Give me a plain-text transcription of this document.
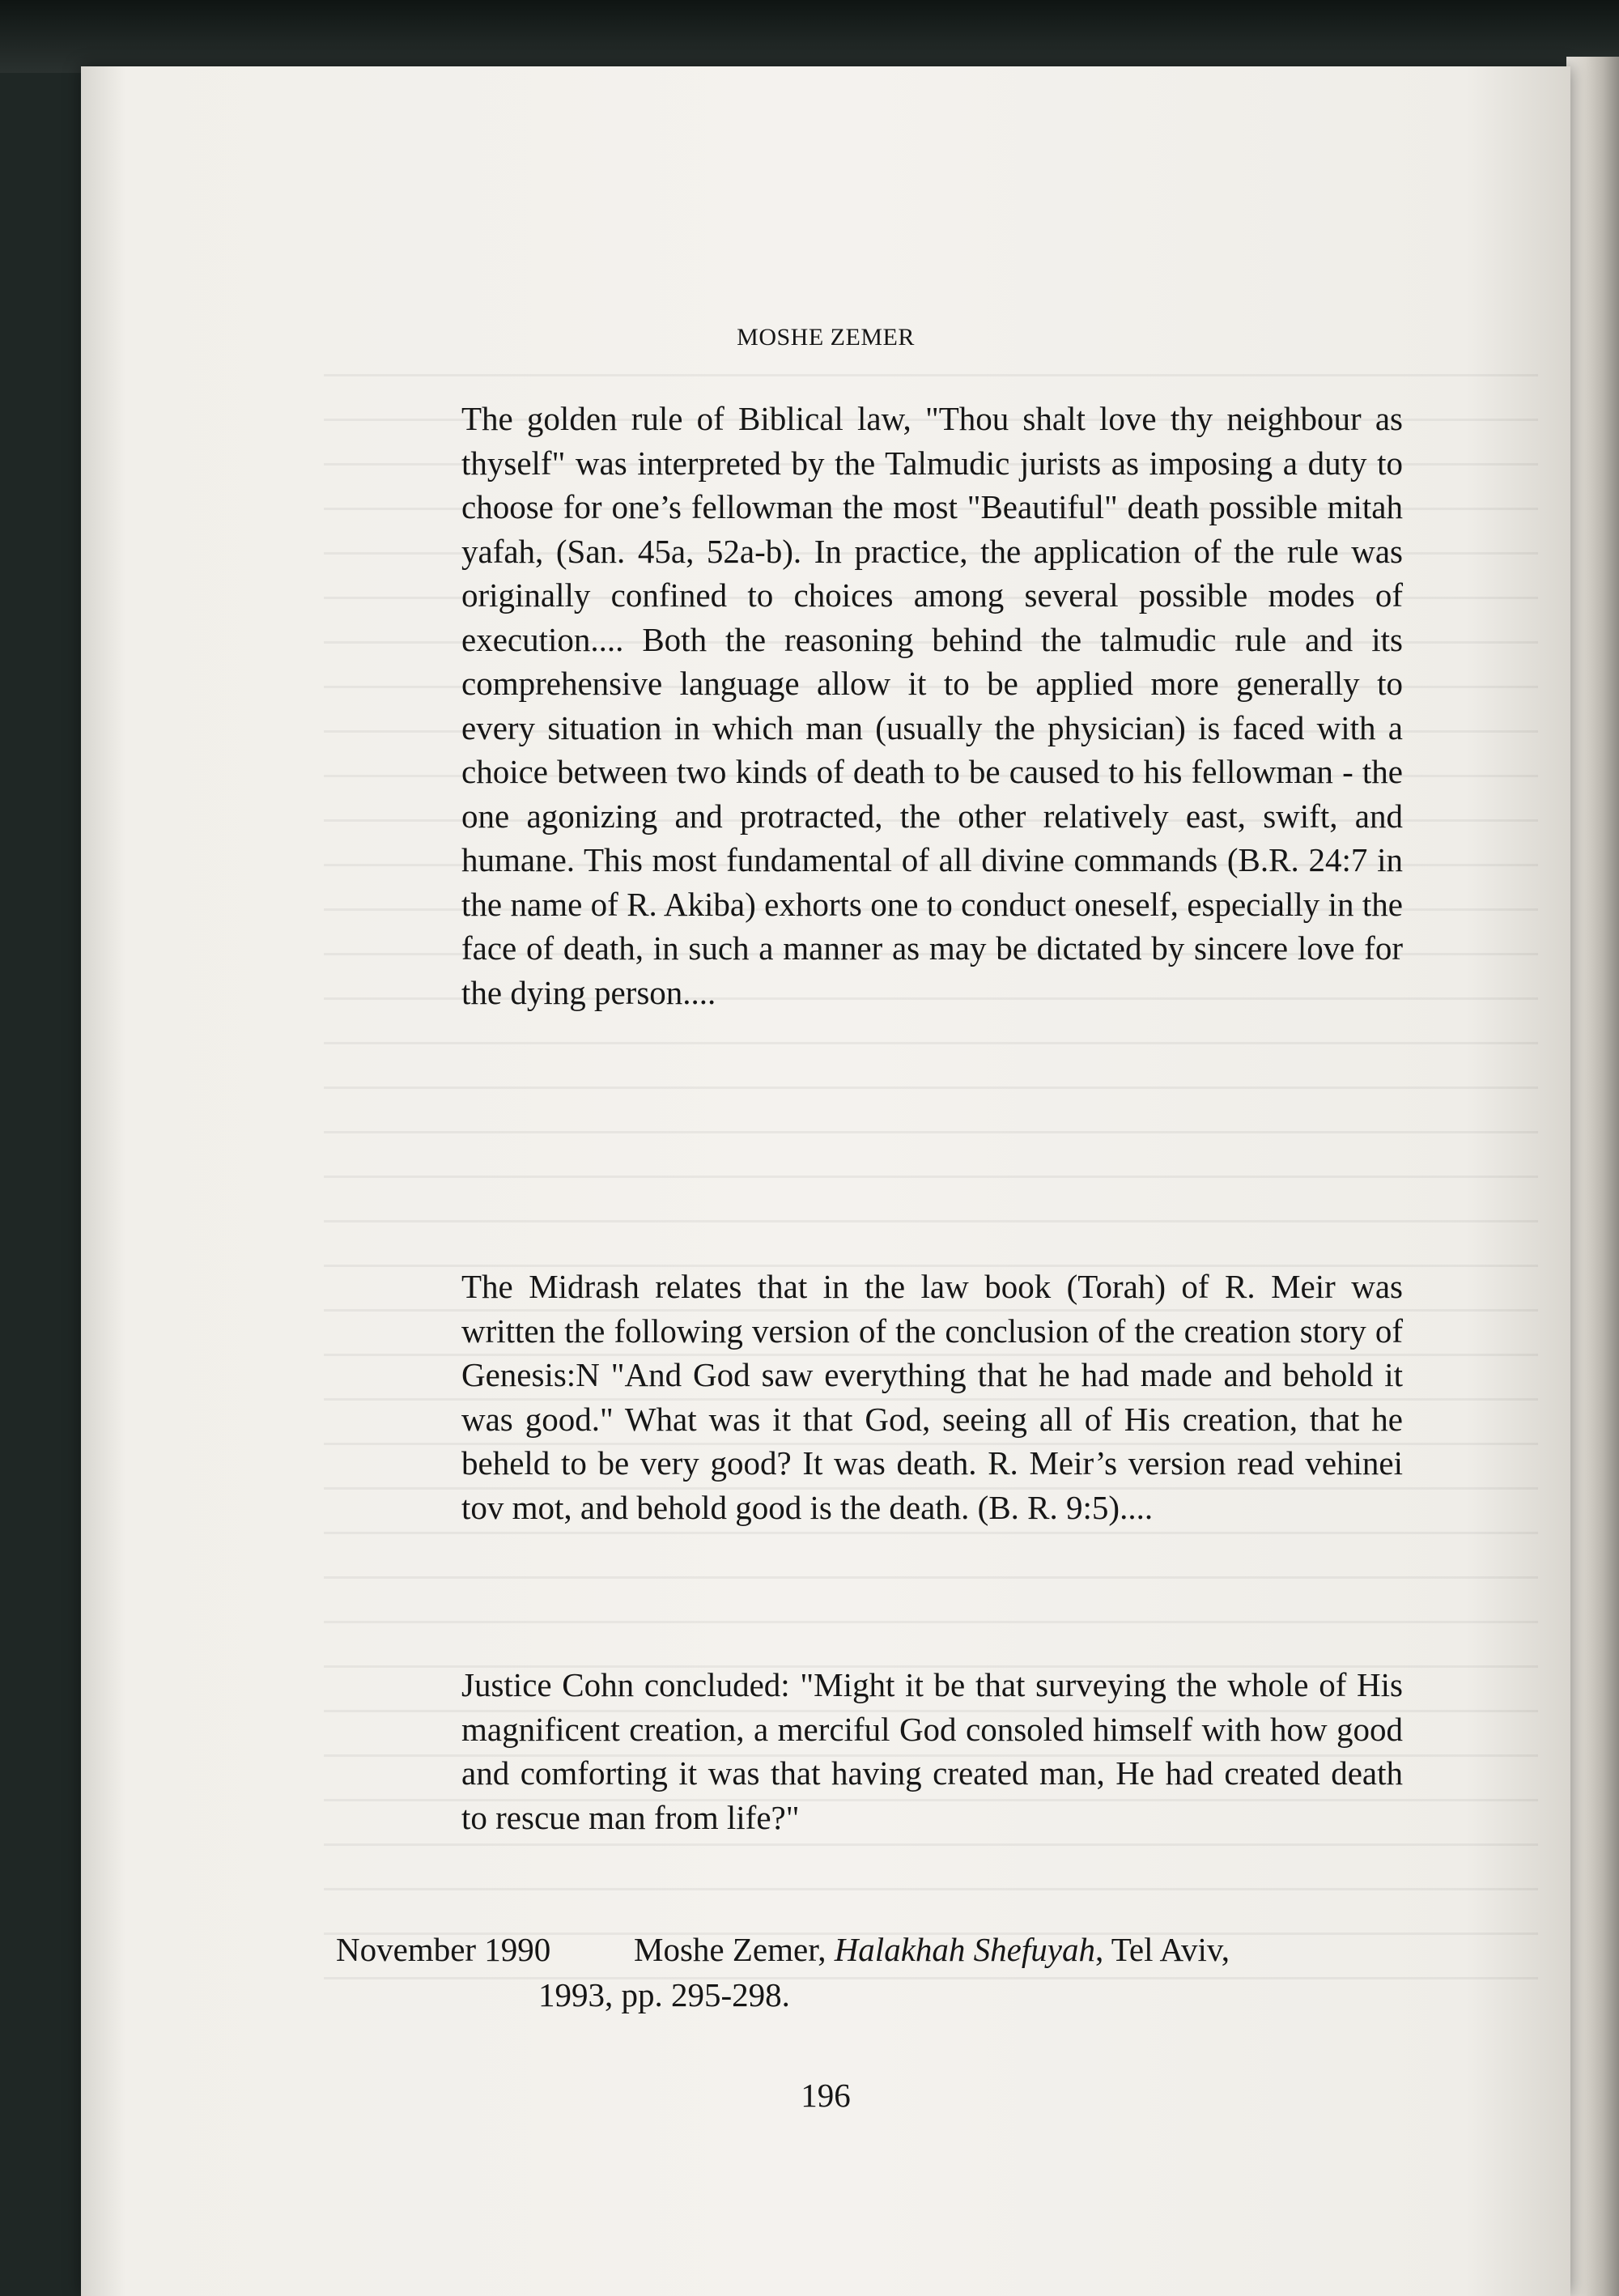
MOSHE ZEMER

The golden rule of Biblical law, "Thou shalt love thy neighbour as thyself" was interpreted by the Talmudic jurists as imposing a duty to choose for one’s fellowman the most "Beautiful" death possible mitah yafah, (San. 45a, 52a-b). In practice, the application of the rule was originally confined to choices among several possible modes of execution.... Both the reasoning behind the talmudic rule and its comprehensive language allow it to be applied more generally to every situation in which man (usually the physician) is faced with a choice between two kinds of death to be caused to his fellowman - the one agonizing and protracted, the other relatively east, swift, and humane. This most fundamental of all divine commands (B.R. 24:7 in the name of R. Akiba) exhorts one to conduct oneself, especially in the face of death, in such a manner as may be dictated by sincere love for the dying person....

The Midrash relates that in the law book (Torah) of R. Meir was written the following version of the conclusion of the creation story of Genesis:N "And God saw everything that he had made and behold it was good." What was it that God, seeing all of His creation, that he beheld to be very good? It was death. R. Meir’s version read vehinei tov mot, and behold good is the death. (B. R. 9:5)....

Justice Cohn concluded: "Might it be that surveying the whole of His magnificent creation, a merciful God consoled himself with how good and comforting it was that having created man, He had created death to rescue man from life?"

November 1990	Moshe Zemer, Halakhah Shefuyah, Tel Aviv,
1993, pp. 295-298.
196
